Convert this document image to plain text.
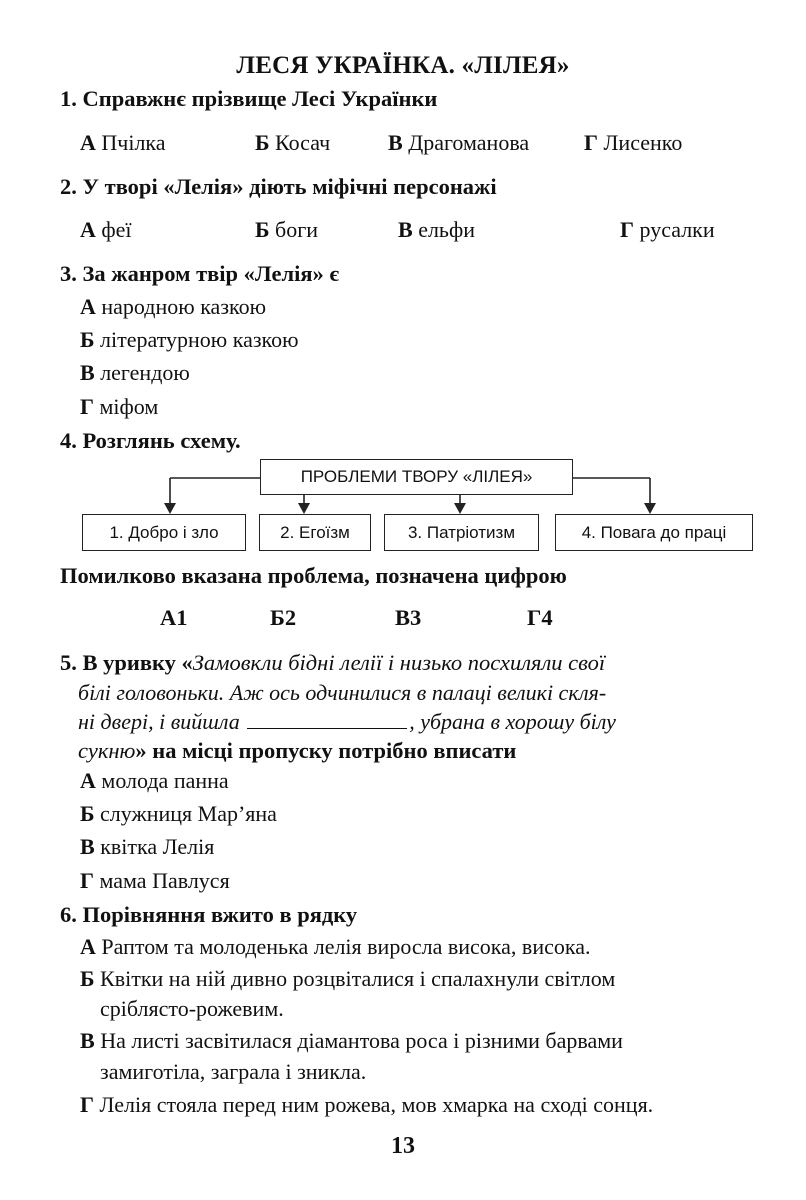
ЛЕСЯ УКРАЇНКА. «ЛІЛЕЯ»
1. Справжнє прізвище Лесі Українки
А Пчілка	Б Косач	В Драгоманова Г Лисенко
2. У творі «Лелія» діють міфічні персонажі
А феї	Б боги	В ельфи	Г русалки
3. За жанром твір «Лелія» є
А народною казкою
Б літературною казкою
В легендою
Г міфом
4. Розглянь схему.
ПРОБЛЕМИ ТВОРУ «ЛІЛЕЯ»
1. Добро і зло	2. Егоїзм	3. Патріотизм	4. Повага до праці
Помилково вказана проблема, позначена цифрою
А1	Б2	В3	Г4
5. В уривку «Замовкли бідні лелії і низько посхиляли свої
білі головоньки. Аж ось одчинилися в палаці великі скля-
ні двері, і вийшла	, убрана в хорошу білу
сукню» на місці пропуску потрібно вписати
А молода панна
Б служниця Мар’яна
В квітка Лелія
Г мама Павлуся
6. Порівняння вжито в рядку
А Раптом та молоденька лелія виросла висока, висока.
Б Квітки на ній дивно розцвіталися і спалахнули світлом
сріблясто-рожевим.
В На листі засвітилася діамантова роса і різними барвами
замиготіла, заграла і зникла.
Г Лелія стояла перед ним рожева, мов хмарка на сході сонця.
13
